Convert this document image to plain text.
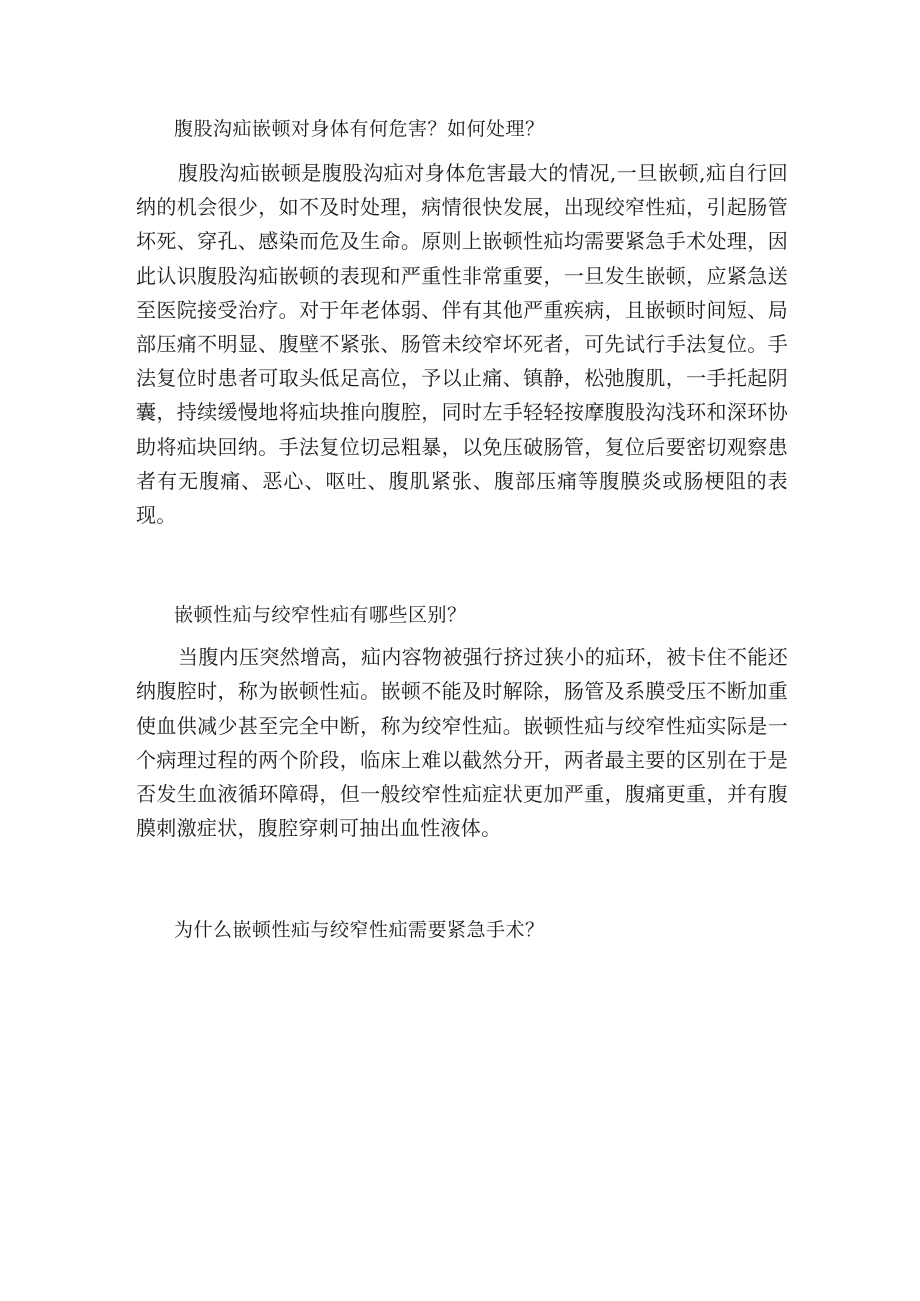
腹股沟疝嵌顿对身体有何危害？如何处理？

腹股沟疝嵌顿是腹股沟疝对身体危害最大的情况,一旦嵌顿,疝自行回纳的机会很少，如不及时处理，病情很快发展，出现绞窄性疝，引起肠管坏死、穿孔、感染而危及生命。原则上嵌顿性疝均需要紧急手术处理，因此认识腹股沟疝嵌顿的表现和严重性非常重要，一旦发生嵌顿，应紧急送至医院接受治疗。对于年老体弱、伴有其他严重疾病，且嵌顿时间短、局部压痛不明显、腹壁不紧张、肠管未绞窄坏死者，可先试行手法复位。手法复位时患者可取头低足高位，予以止痛、镇静，松弛腹肌，一手托起阴囊，持续缓慢地将疝块推向腹腔，同时左手轻轻按摩腹股沟浅环和深环协助将疝块回纳。手法复位切忌粗暴，以免压破肠管，复位后要密切观察患者有无腹痛、恶心、呕吐、腹肌紧张、腹部压痛等腹膜炎或肠梗阻的表现。

嵌顿性疝与绞窄性疝有哪些区别？

当腹内压突然增高，疝内容物被强行挤过狭小的疝环，被卡住不能还纳腹腔时，称为嵌顿性疝。嵌顿不能及时解除，肠管及系膜受压不断加重使血供减少甚至完全中断，称为绞窄性疝。嵌顿性疝与绞窄性疝实际是一个病理过程的两个阶段，临床上难以截然分开，两者最主要的区别在于是否发生血液循环障碍，但一般绞窄性疝症状更加严重，腹痛更重，并有腹膜刺激症状，腹腔穿刺可抽出血性液体。

为什么嵌顿性疝与绞窄性疝需要紧急手术？
